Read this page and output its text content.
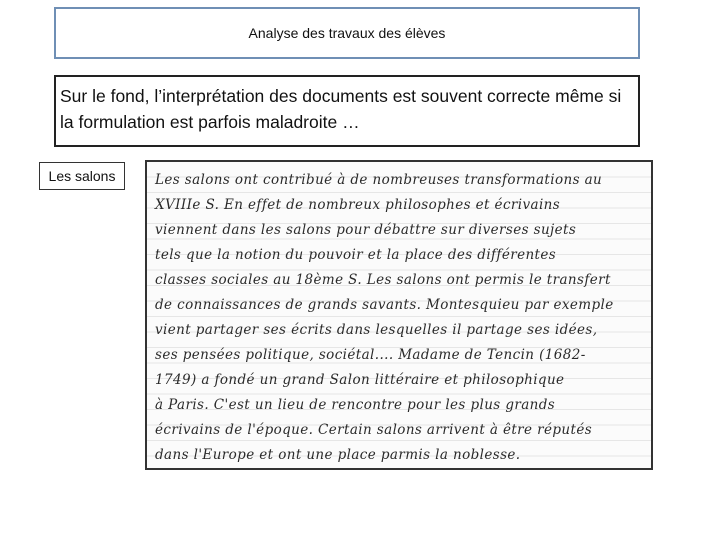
Analyse des travaux des élèves
Sur le fond, l’interprétation des documents est souvent correcte même si la formulation est parfois maladroite …
Les salons	Les salons ont contribué à de nombreuses transformations au
XVIIIe S. En effet de nombreux philosophes et écrivains
viennent dans les salons pour débattre sur diverses sujets
tels que la notion du pouvoir et la place des différentes
classes sociales au 18ème S. Les salons ont permis le transfert
de connaissances de grands savants. Montesquieu par exemple
vient partager ses écrits dans lesquelles il partage ses idées,
ses pensées politique, sociétal.... Madame de Tencin (1682-
1749) a fondé un grand Salon littéraire et philosophique
à Paris. C'est un lieu de rencontre pour les plus grands
écrivains de l'époque. Certain salons arrivent à être réputés
dans l'Europe et ont une place parmis la noblesse.
